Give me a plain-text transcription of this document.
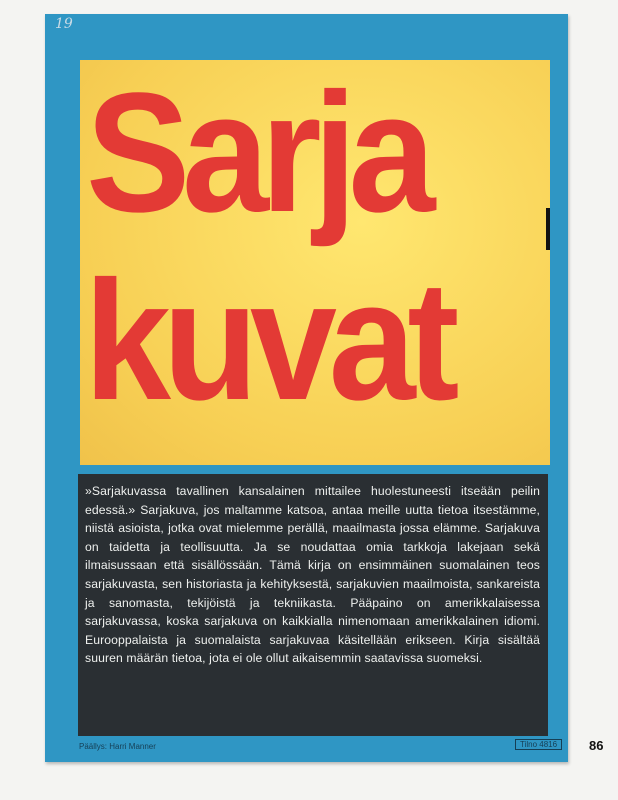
19
Sarja
kuvat
»Sarjakuvassa tavallinen kansalainen mittailee huolestuneesti itseään peilin edessä.» Sarjakuva, jos maltamme katsoa, antaa meille uutta tietoa itsestämme, niistä asioista, jotka ovat mielemme perällä, maailmasta jossa elämme. Sarjakuva on taidetta ja teollisuutta. Ja se noudattaa omia tarkkoja lakejaan sekä ilmaisussaan että sisällössään. Tämä kirja on ensimmäinen suomalainen teos sarjakuvasta, sen historiasta ja kehityksestä, sarjakuvien maailmoista, sankareista ja sanomasta, tekijöistä ja tekniikasta. Pääpaino on amerikkalaisessa sarjakuvassa, koska sarjakuva on kaikkialla nimenomaan amerikkalainen idiomi. Eurooppalaista ja suomalaista sarjakuvaa käsitellään erikseen. Kirja sisältää suuren määrän tietoa, jota ei ole ollut aikaisemmin saatavissa suomeksi.
Päällys: Harri Manner	Tilno 4816	86
